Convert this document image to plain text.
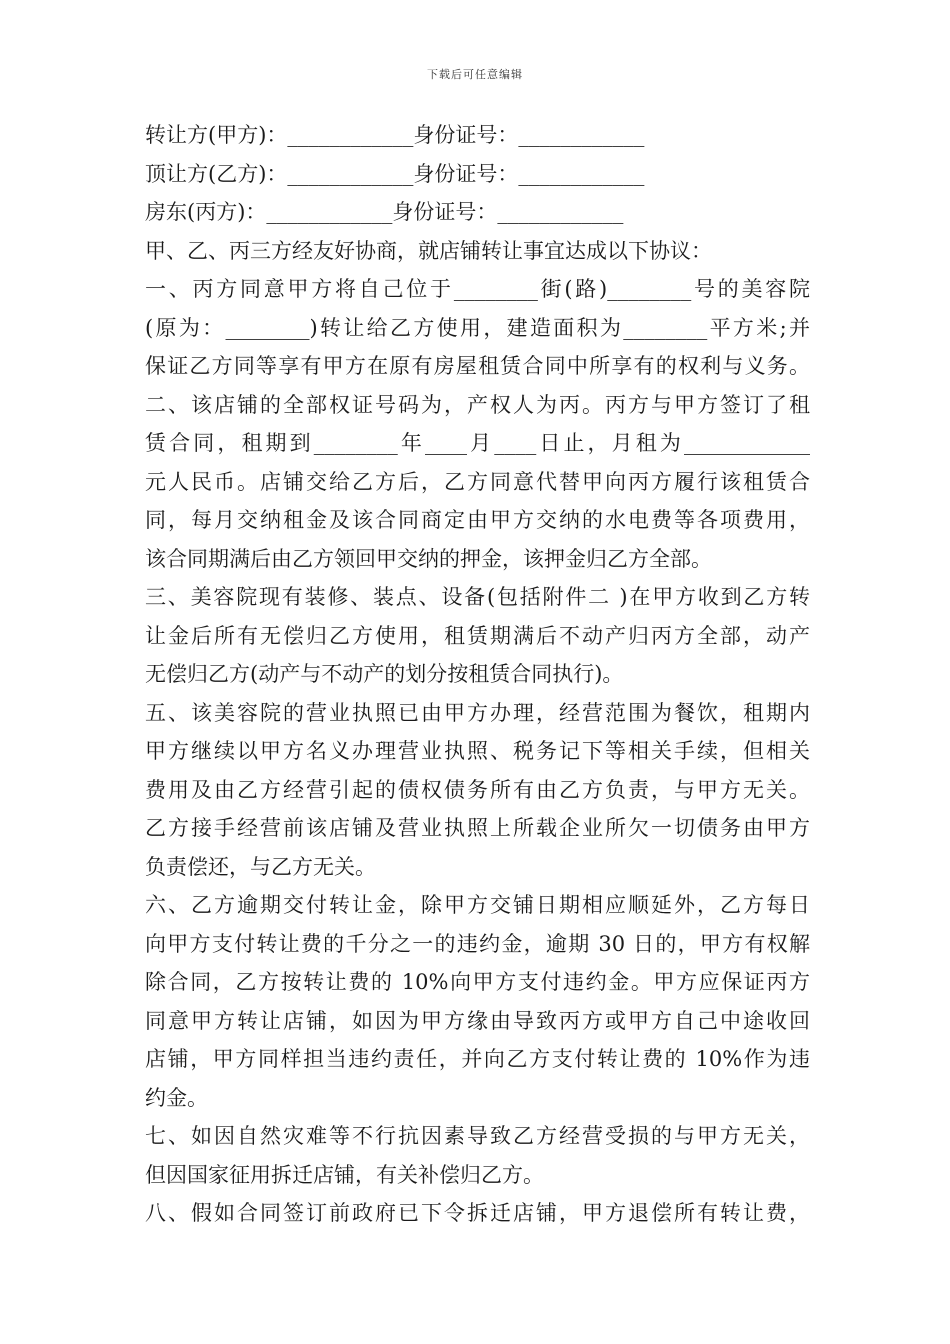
下载后可任意编辑
转让方(甲方)：____________身份证号：____________
顶让方(乙方)：____________身份证号：____________
房东(丙方)：____________身份证号：____________
甲、乙、丙三方经友好协商，就店铺转让事宜达成以下协议：
一、丙方同意甲方将自己位于________街(路)________号的美容院
(原为：________)转让给乙方使用，建造面积为________平方米;并
保证乙方同等享有甲方在原有房屋租赁合同中所享有的权利与义务。
二、该店铺的全部权证号码为，产权人为丙。丙方与甲方签订了租
赁合同，租期到________年____月____日止，月租为____________
元人民币。店铺交给乙方后，乙方同意代替甲向丙方履行该租赁合
同，每月交纳租金及该合同商定由甲方交纳的水电费等各项费用，
该合同期满后由乙方领回甲交纳的押金，该押金归乙方全部。
三、美容院现有装修、装点、设备(包括附件二 )在甲方收到乙方转
让金后所有无偿归乙方使用，租赁期满后不动产归丙方全部，动产
无偿归乙方(动产与不动产的划分按租赁合同执行)。
五、该美容院的营业执照已由甲方办理，经营范围为餐饮，租期内
甲方继续以甲方名义办理营业执照、税务记下等相关手续，但相关
费用及由乙方经营引起的债权债务所有由乙方负责，与甲方无关。
乙方接手经营前该店铺及营业执照上所载企业所欠一切债务由甲方
负责偿还，与乙方无关。
六、乙方逾期交付转让金，除甲方交铺日期相应顺延外，乙方每日
向甲方支付转让费的千分之一的违约金，逾期 30 日的，甲方有权解
除合同，乙方按转让费的 10%向甲方支付违约金。甲方应保证丙方
同意甲方转让店铺，如因为甲方缘由导致丙方或甲方自己中途收回
店铺，甲方同样担当违约责任，并向乙方支付转让费的 10%作为违
约金。
七、如因自然灾难等不行抗因素导致乙方经营受损的与甲方无关，
但因国家征用拆迁店铺，有关补偿归乙方。
八、假如合同签订前政府已下令拆迁店铺，甲方退偿所有转让费，
